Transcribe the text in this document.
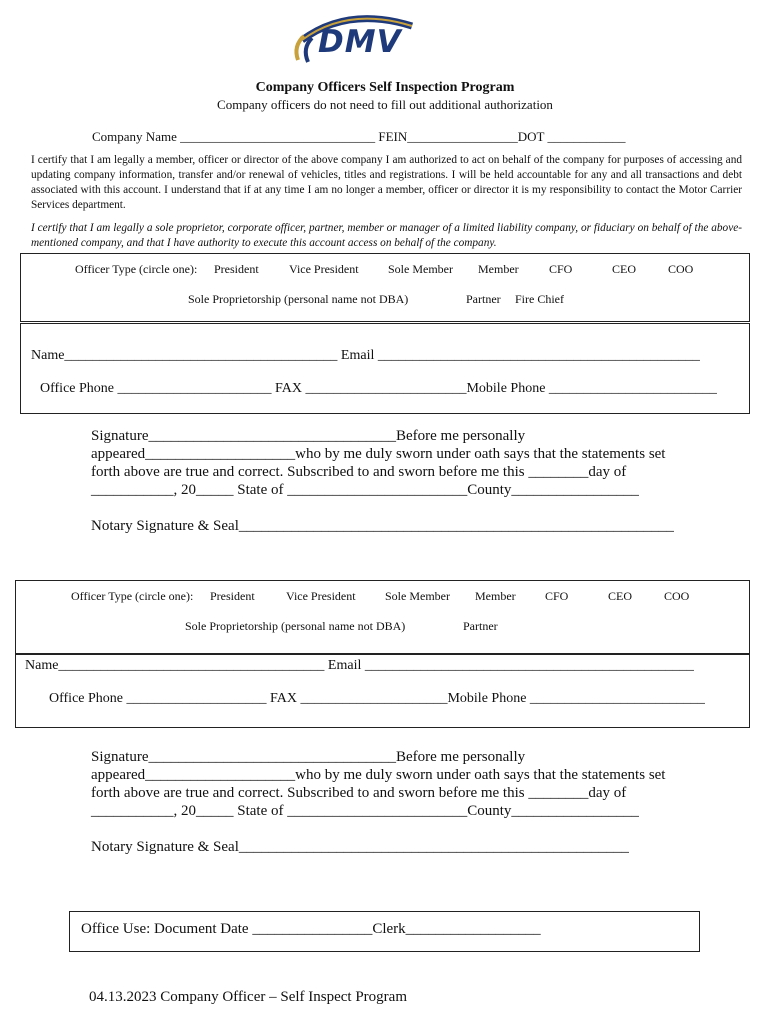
DMV
Company Officers Self Inspection Program
Company officers do not need to fill out additional authorization
Company Name ______________________________ FEIN_________________DOT ____________
I certify that I am legally a member, officer or director of the above company I am authorized to act on behalf of the company for purposes of accessing and updating company information, transfer and/or renewal of vehicles, titles and registrations. I will be held accountable for any and all transactions and debt associated with this account. I understand that if at any time I am no longer a member, officer or director it is my responsibility to contact the Motor Carrier Services department.
I certify that I am legally a sole proprietor, corporate officer, partner, member or manager of a limited liability company, or fiduciary on behalf of the above-mentioned company, and that I have authority to execute this account access on behalf of the company.
Officer Type (circle one): President	Vice President Sole Member Member	CFO	CEO	COO
Sole Proprietorship (personal name not DBA)	Partner Fire Chief
Name_______________________________________ Email ______________________________________________
Office Phone ______________________ FAX _______________________Mobile Phone ________________________
Signature_________________________________Before me personally
appeared____________________who by me duly sworn under oath says that the statements set
forth above are true and correct. Subscribed to and sworn before me this ________day of
___________, 20_____ State of ________________________County_________________
Notary Signature & Seal__________________________________________________________
Officer Type (circle one): President	Vice President Sole Member Member CFO	CEO	COO
Sole Proprietorship (personal name not DBA)	Partner
Name______________________________________ Email _______________________________________________
Office Phone ____________________ FAX _____________________Mobile Phone _________________________
Signature_________________________________Before me personally
appeared____________________who by me duly sworn under oath says that the statements set
forth above are true and correct. Subscribed to and sworn before me this ________day of
___________, 20_____ State of ________________________County_________________
Notary Signature & Seal____________________________________________________
Office Use: Document Date ________________Clerk__________________
04.13.2023 Company Officer – Self Inspect Program
